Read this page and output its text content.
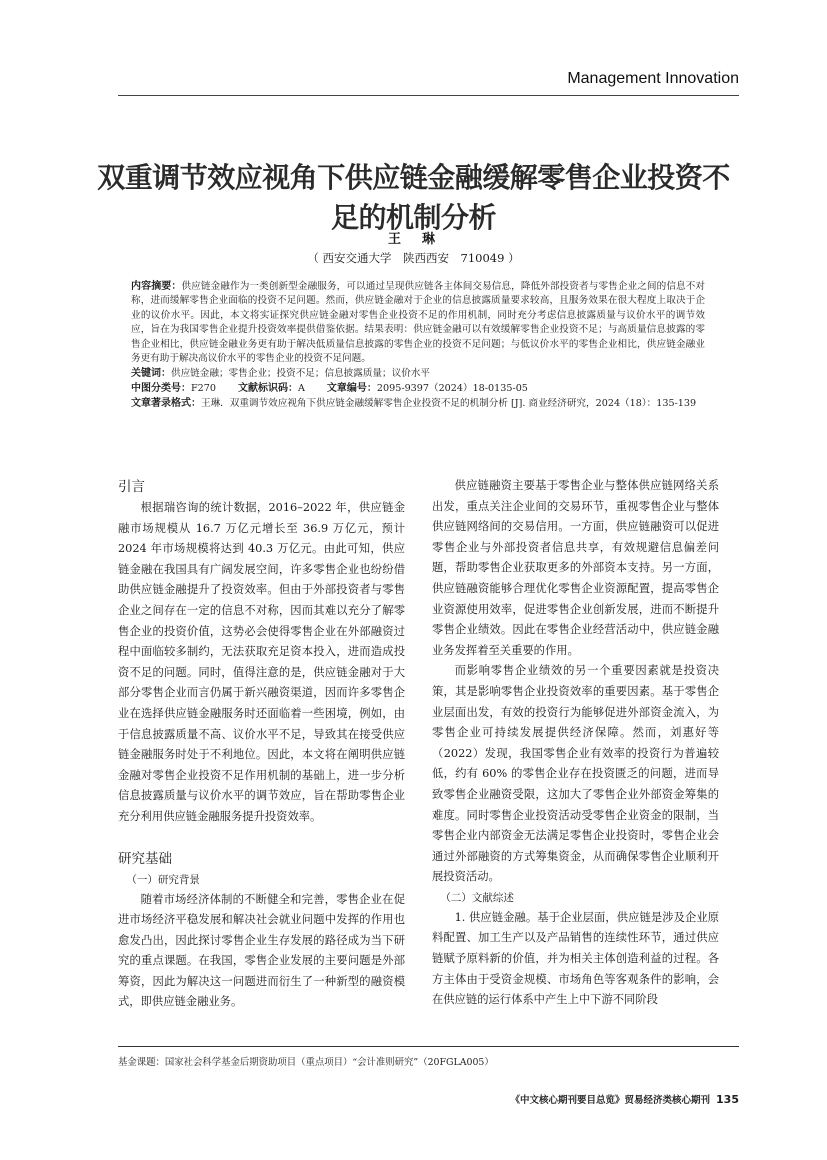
Management Innovation
双重调节效应视角下供应链金融缓解零售企业投资不足的机制分析
王　琳
（ 西安交通大学　陕西西安　710049 ）
内容摘要：供应链金融作为一类创新型金融服务，可以通过呈现供应链各主体间交易信息，降低外部投资者与零售企业之间的信息不对称，进而缓解零售企业面临的投资不足问题。然而，供应链金融对于企业的信息披露质量要求较高，且服务效果在很大程度上取决于企业的议价水平。因此，本文将实证探究供应链金融对零售企业投资不足的作用机制，同时充分考虑信息披露质量与议价水平的调节效应，旨在为我国零售企业提升投资效率提供借鉴依据。结果表明：供应链金融可以有效缓解零售企业投资不足；与高质量信息披露的零售企业相比，供应链金融业务更有助于解决低质量信息披露的零售企业的投资不足问题；与低议价水平的零售企业相比，供应链金融业务更有助于解决高议价水平的零售企业的投资不足问题。
关键词：供应链金融；零售企业；投资不足；信息披露质量；议价水平
中图分类号：F270 文献标识码：A 文章编号：2095-9397（2024）18-0135-05
文章著录格式：王琳．双重调节效应视角下供应链金融缓解零售企业投资不足的机制分析 [J]. 商业经济研究，2024（18）：135-139
引言

根据瑞咨询的统计数据，2016–2022 年，供应链金融市场规模从 16.7 万亿元增长至 36.9 万亿元，预计 2024 年市场规模将达到 40.3 万亿元。由此可知，供应链金融在我国具有广阔发展空间，许多零售企业也纷纷借助供应链金融提升了投资效率。但由于外部投资者与零售企业之间存在一定的信息不对称，因而其难以充分了解零售企业的投资价值，这势必会使得零售企业在外部融资过程中面临较多制约，无法获取充足资本投入，进而造成投资不足的问题。同时，值得注意的是，供应链金融对于大部分零售企业而言仍属于新兴融资渠道，因而许多零售企业在选择供应链金融服务时还面临着一些困境，例如，由于信息披露质量不高、议价水平不足，导致其在接受供应链金融服务时处于不利地位。因此，本文将在阐明供应链金融对零售企业投资不足作用机制的基础上，进一步分析信息披露质量与议价水平的调节效应，旨在帮助零售企业充分利用供应链金融服务提升投资效率。

研究基础
（一）研究背景

随着市场经济体制的不断健全和完善，零售企业在促进市场经济平稳发展和解决社会就业问题中发挥的作用也愈发凸出，因此探讨零售企业生存发展的路径成为当下研究的重点课题。在我国，零售企业发展的主要问题是外部筹资，因此为解决这一问题进而衍生了一种新型的融资模式，即供应链金融业务。

供应链融资主要基于零售企业与整体供应链网络关系出发，重点关注企业间的交易环节，重视零售企业与整体供应链网络间的交易信用。一方面，供应链融资可以促进零售企业与外部投资者信息共享，有效规避信息偏差问题，帮助零售企业获取更多的外部资本支持。另一方面，供应链融资能够合理优化零售企业资源配置，提高零售企业资源使用效率，促进零售企业创新发展，进而不断提升零售企业绩效。因此在零售企业经营活动中，供应链金融业务发挥着至关重要的作用。

而影响零售企业绩效的另一个重要因素就是投资决策，其是影响零售企业投资效率的重要因素。基于零售企业层面出发，有效的投资行为能够促进外部资金流入，为零售企业可持续发展提供经济保障。然而，刘惠好等（2022）发现，我国零售企业有效率的投资行为普遍较低，约有 60% 的零售企业存在投资匮乏的问题，进而导致零售企业融资受限，这加大了零售企业外部资金筹集的难度。同时零售企业投资活动受零售企业资金的限制，当零售企业内部资金无法满足零售企业投资时，零售企业会通过外部融资的方式筹集资金，从而确保零售企业顺利开展投资活动。

（二）文献综述

1. 供应链金融。基于企业层面，供应链是涉及企业原料配置、加工生产以及产品销售的连续性环节，通过供应链赋予原料新的价值，并为相关主体创造利益的过程。各方主体由于受资金规模、市场角色等客观条件的影响，会在供应链的运行体系中产生上中下游不同阶段

基金课题：国家社会科学基金后期资助项目（重点项目）“会计准则研究”（20FGLA005）
《中文核心期刊要目总览》贸易经济类核心期刊 135
